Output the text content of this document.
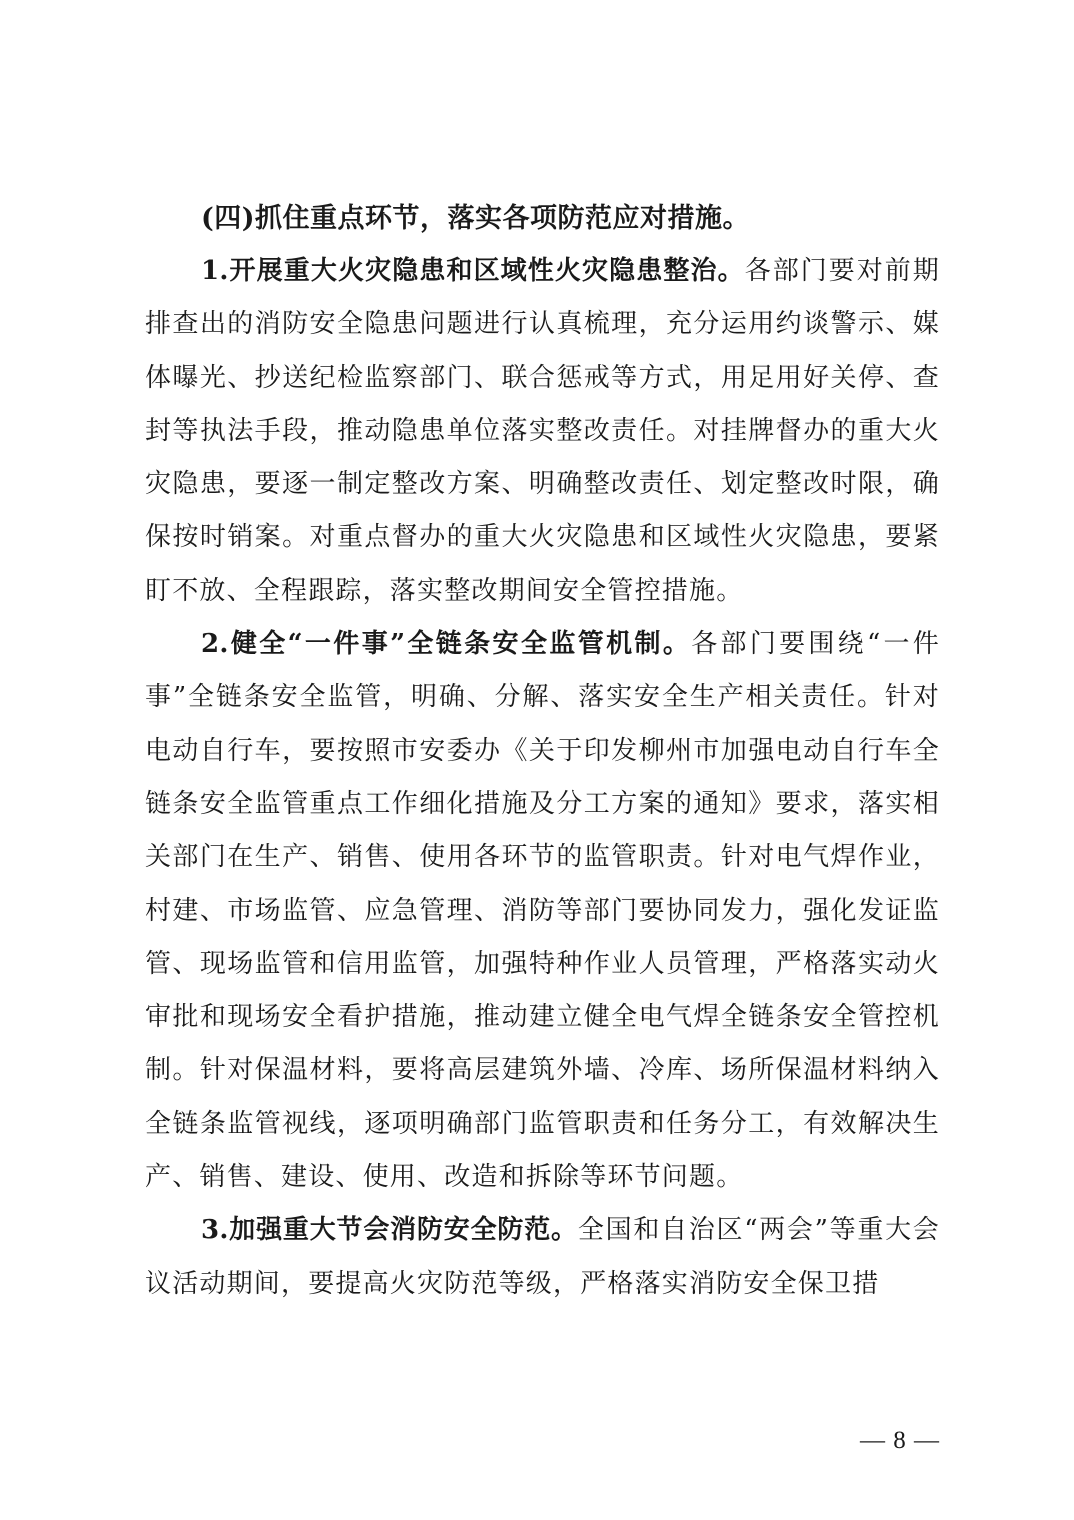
(四)抓住重点环节，落实各项防范应对措施。

1.开展重大火灾隐患和区域性火灾隐患整治。各部门要对前期排查出的消防安全隐患问题进行认真梳理，充分运用约谈警示、媒体曝光、抄送纪检监察部门、联合惩戒等方式，用足用好关停、查封等执法手段，推动隐患单位落实整改责任。对挂牌督办的重大火灾隐患，要逐一制定整改方案、明确整改责任、划定整改时限，确保按时销案。对重点督办的重大火灾隐患和区域性火灾隐患，要紧盯不放、全程跟踪，落实整改期间安全管控措施。

2.健全“一件事”全链条安全监管机制。各部门要围绕“一件事”全链条安全监管，明确、分解、落实安全生产相关责任。针对电动自行车，要按照市安委办《关于印发柳州市加强电动自行车全链条安全监管重点工作细化措施及分工方案的通知》要求，落实相关部门在生产、销售、使用各环节的监管职责。针对电气焊作业，村建、市场监管、应急管理、消防等部门要协同发力，强化发证监管、现场监管和信用监管，加强特种作业人员管理，严格落实动火审批和现场安全看护措施，推动建立健全电气焊全链条安全管控机制。针对保温材料，要将高层建筑外墙、冷库、场所保温材料纳入全链条监管视线，逐项明确部门监管职责和任务分工，有效解决生产、销售、建设、使用、改造和拆除等环节问题。

3.加强重大节会消防安全防范。全国和自治区“两会”等重大会议活动期间，要提高火灾防范等级，严格落实消防安全保卫措

— 8 —
